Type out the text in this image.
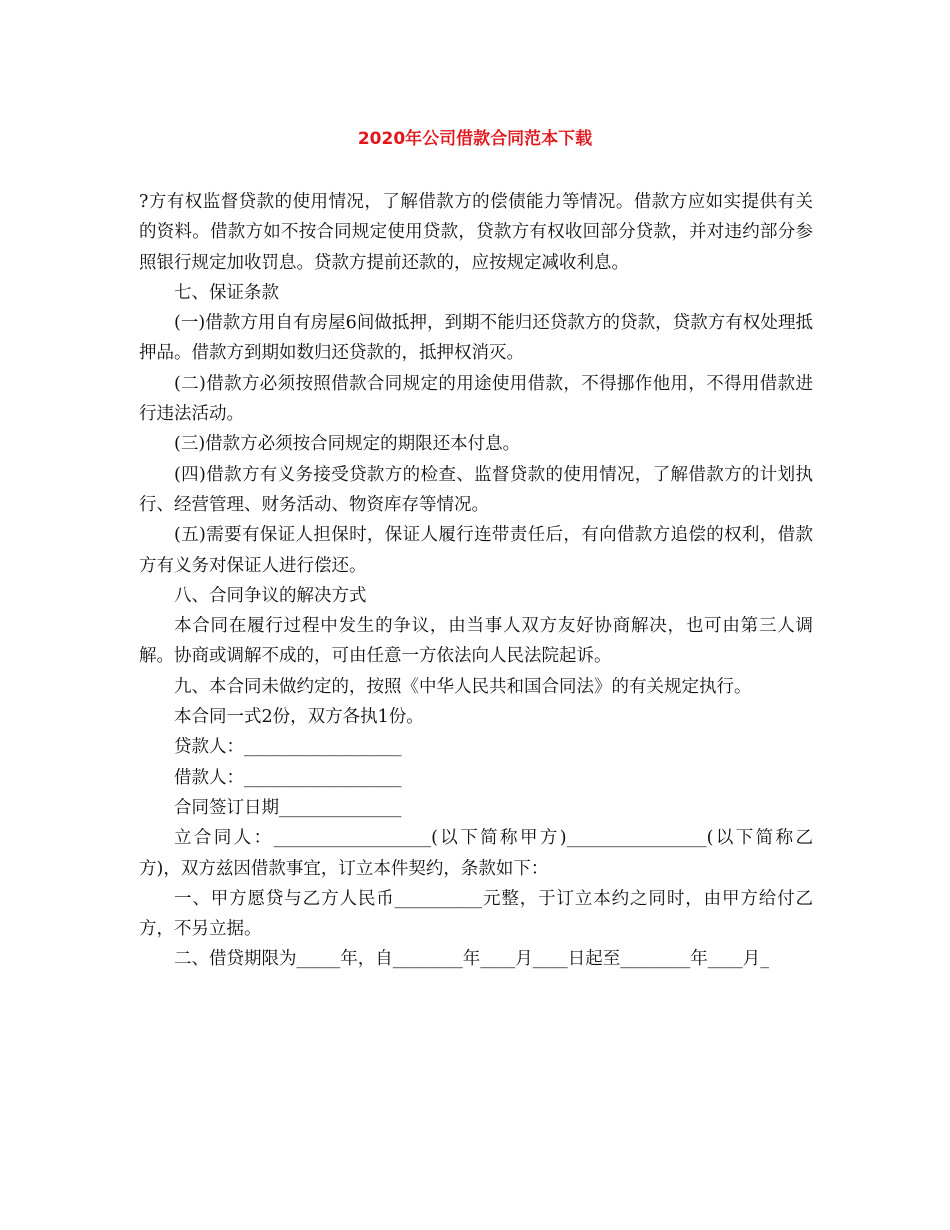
2020年公司借款合同范本下载

?方有权监督贷款的使用情况，了解借款方的偿债能力等情况。借款方应如实提供有关的资料。借款方如不按合同规定使用贷款，贷款方有权收回部分贷款，并对违约部分参照银行规定加收罚息。贷款方提前还款的，应按规定减收利息。

七、保证条款

(一)借款方用自有房屋6间做抵押，到期不能归还贷款方的贷款，贷款方有权处理抵押品。借款方到期如数归还贷款的，抵押权消灭。

(二)借款方必须按照借款合同规定的用途使用借款，不得挪作他用，不得用借款进行违法活动。

(三)借款方必须按合同规定的期限还本付息。

(四)借款方有义务接受贷款方的检查、监督贷款的使用情况，了解借款方的计划执行、经营管理、财务活动、物资库存等情况。

(五)需要有保证人担保时，保证人履行连带责任后，有向借款方追偿的权利，借款方有义务对保证人进行偿还。

八、合同争议的解决方式

本合同在履行过程中发生的争议，由当事人双方友好协商解决，也可由第三人调解。协商或调解不成的，可由任意一方依法向人民法院起诉。

九、本合同未做约定的，按照《中华人民共和国合同法》的有关规定执行。

本合同一式2份，双方各执1份。

贷款人：__________________

借款人：__________________

合同签订日期______________

立合同人：__________________(以下简称甲方)________________(以下简称乙方)，双方兹因借款事宜，订立本件契约，条款如下：

一、甲方愿贷与乙方人民币__________元整，于订立本约之同时，由甲方给付乙方，不另立据。

二、借贷期限为_____年，自________年____月____日起至________年____月_
